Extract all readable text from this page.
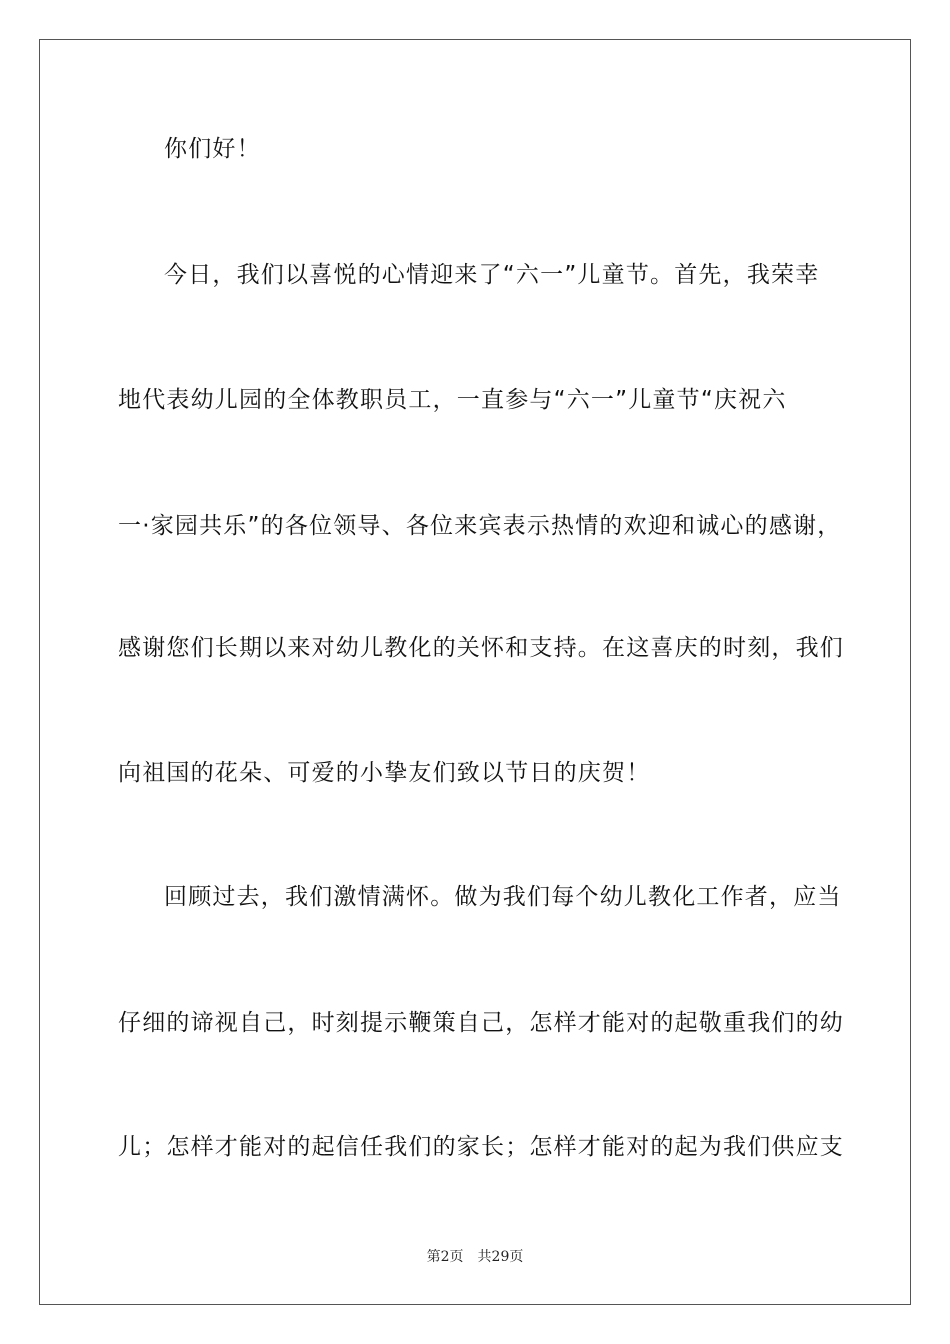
你们好！
今日，我们以喜悦的心情迎来了“六一”儿童节。首先，我荣幸
地代表幼儿园的全体教职员工，一直参与“六一”儿童节“庆祝六
一·家园共乐”的各位领导、各位来宾表示热情的欢迎和诚心的感谢，
感谢您们长期以来对幼儿教化的关怀和支持。在这喜庆的时刻，我们
向祖国的花朵、可爱的小挚友们致以节日的庆贺！
回顾过去，我们激情满怀。做为我们每个幼儿教化工作者，应当
仔细的谛视自己，时刻提示鞭策自己，怎样才能对的起敬重我们的幼
儿；怎样才能对的起信任我们的家长；怎样才能对的起为我们供应支
第2页 共29页
